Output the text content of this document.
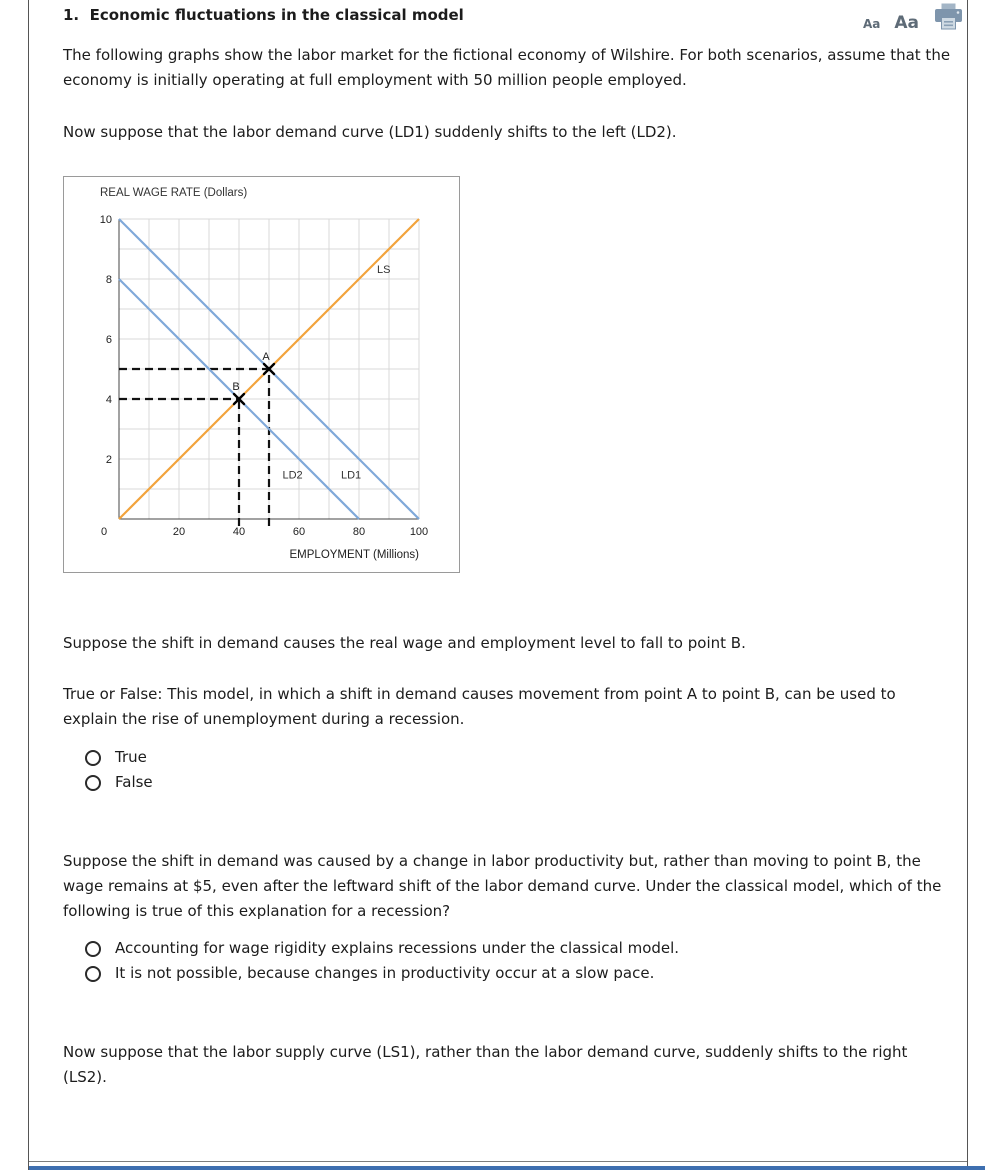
1.  Economic fluctuations in the classical model	Aa Aa
The following graphs show the labor market for the fictional economy of Wilshire. For both scenarios, assume that the economy is initially operating at full employment with 50 million people employed.
Now suppose that the labor demand curve (LD1) suddenly shifts to the left (LD2).
LS
LD1
LD2
A
B
0	20	40	60	80	100
2
4
6
8
10
REAL WAGE RATE (Dollars)
EMPLOYMENT (Millions)
Suppose the shift in demand causes the real wage and employment level to fall to point B.
True or False: This model, in which a shift in demand causes movement from point A to point B, can be used to explain the rise of unemployment during a recession.
True
False
Suppose the shift in demand was caused by a change in labor productivity but, rather than moving to point B, the wage remains at $5, even after the leftward shift of the labor demand curve. Under the classical model, which of the following is true of this explanation for a recession?
Accounting for wage rigidity explains recessions under the classical model.
It is not possible, because changes in productivity occur at a slow pace.
Now suppose that the labor supply curve (LS1), rather than the labor demand curve, suddenly shifts to the right (LS2).
